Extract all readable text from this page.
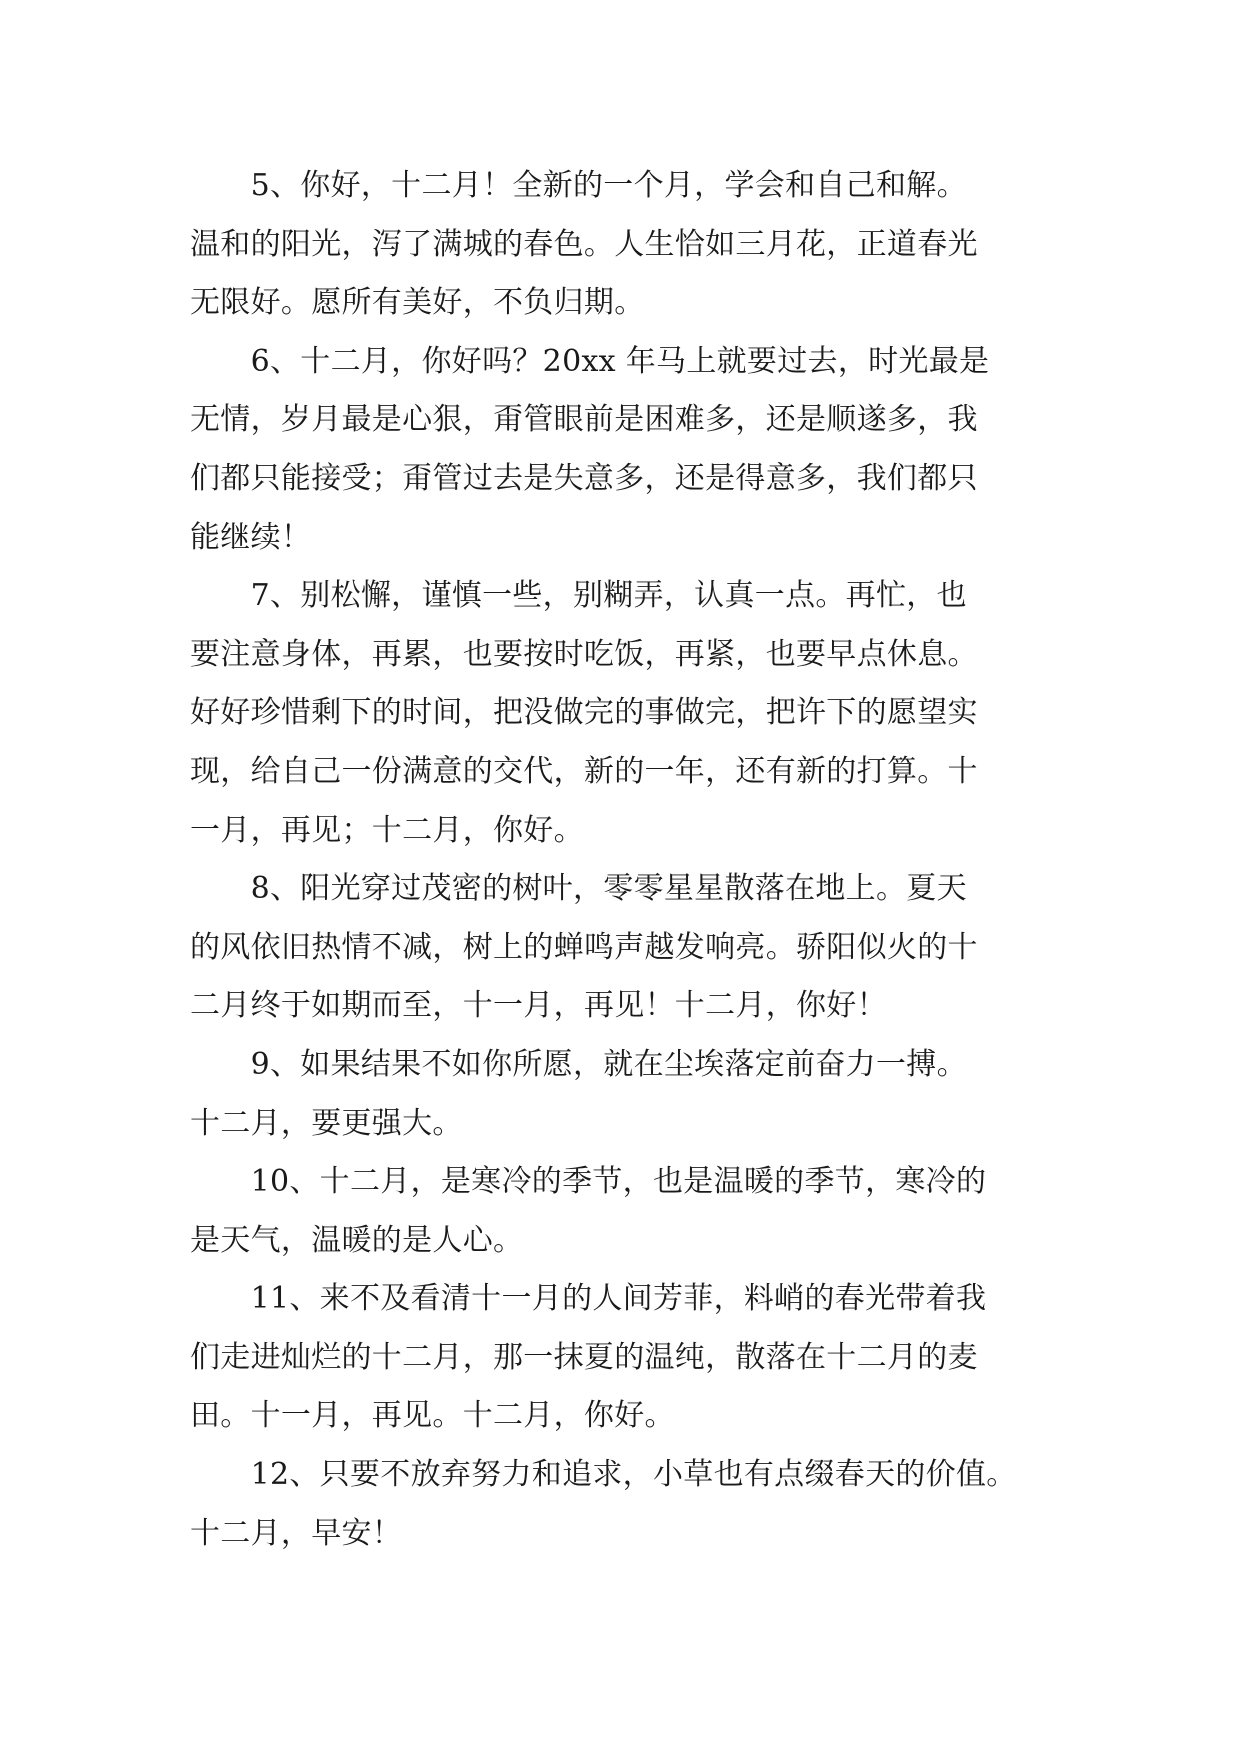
　　5、你好，十二月！全新的一个月，学会和自己和解。
温和的阳光，泻了满城的春色。人生恰如三月花，正道春光
无限好。愿所有美好，不负归期。
　　6、十二月，你好吗？20xx 年马上就要过去，时光最是
无情，岁月最是心狠，甭管眼前是困难多，还是顺遂多，我
们都只能接受；甭管过去是失意多，还是得意多，我们都只
能继续！
　　7、别松懈，谨慎一些，别糊弄，认真一点。再忙，也
要注意身体，再累，也要按时吃饭，再紧，也要早点休息。
好好珍惜剩下的时间，把没做完的事做完，把许下的愿望实
现，给自己一份满意的交代，新的一年，还有新的打算。十
一月，再见；十二月，你好。
　　8、阳光穿过茂密的树叶，零零星星散落在地上。夏天
的风依旧热情不减，树上的蝉鸣声越发响亮。骄阳似火的十
二月终于如期而至，十一月，再见！十二月，你好！
　　9、如果结果不如你所愿，就在尘埃落定前奋力一搏。
十二月，要更强大。
　　10、十二月，是寒冷的季节，也是温暖的季节，寒冷的
是天气，温暖的是人心。
　　11、来不及看清十一月的人间芳菲，料峭的春光带着我
们走进灿烂的十二月，那一抹夏的温纯，散落在十二月的麦
田。十一月，再见。十二月，你好。
　　12、只要不放弃努力和追求，小草也有点缀春天的价值。
十二月，早安！
